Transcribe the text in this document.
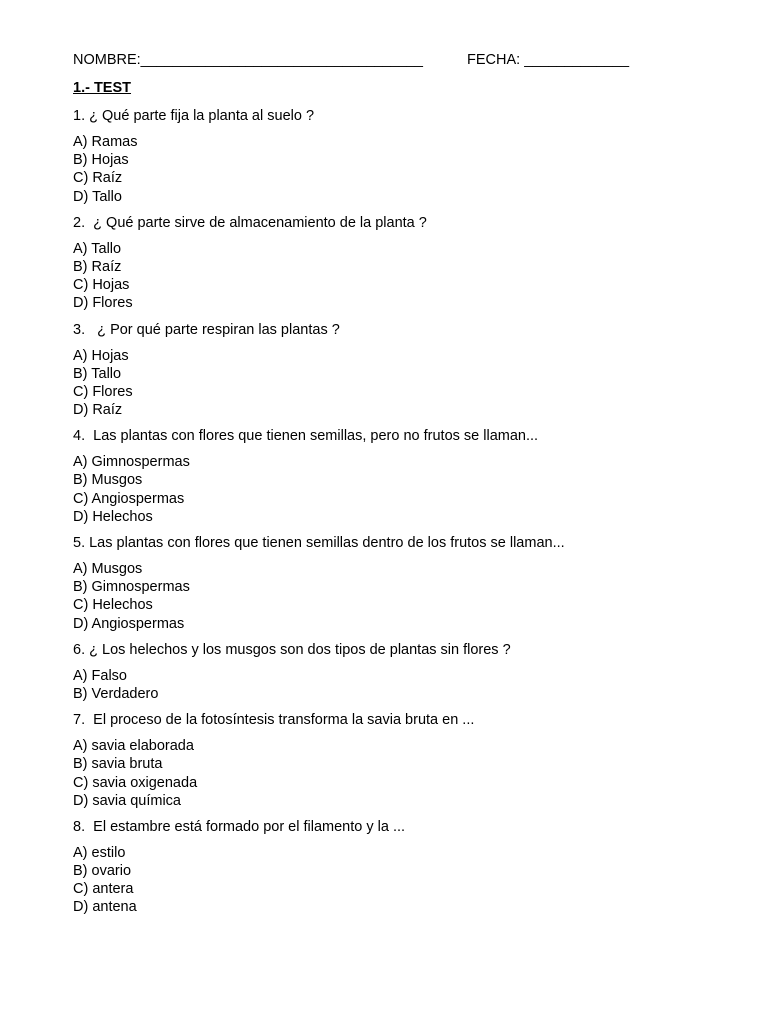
NOMBRE:___________________________________	FECHA: _____________
1.- TEST
1. ¿ Qué parte fija la planta al suelo ?
A) Ramas
B) Hojas
C) Raíz
D) Tallo
2.  ¿ Qué parte sirve de almacenamiento de la planta ?
A) Tallo
B) Raíz
C) Hojas
D) Flores
3.   ¿ Por qué parte respiran las plantas ?
A) Hojas
B) Tallo
C) Flores
D) Raíz
4.  Las plantas con flores que tienen semillas, pero no frutos se llaman...
A) Gimnospermas
B) Musgos
C) Angiospermas
D) Helechos
5. Las plantas con flores que tienen semillas dentro de los frutos se llaman...
A) Musgos
B) Gimnospermas
C) Helechos
D) Angiospermas
6. ¿ Los helechos y los musgos son dos tipos de plantas sin flores ?
A) Falso
B) Verdadero
7.  El proceso de la fotosíntesis transforma la savia bruta en ...
A) savia elaborada
B) savia bruta
C) savia oxigenada
D) savia química
8.  El estambre está formado por el filamento y la ...
A) estilo
B) ovario
C) antera
D) antena
